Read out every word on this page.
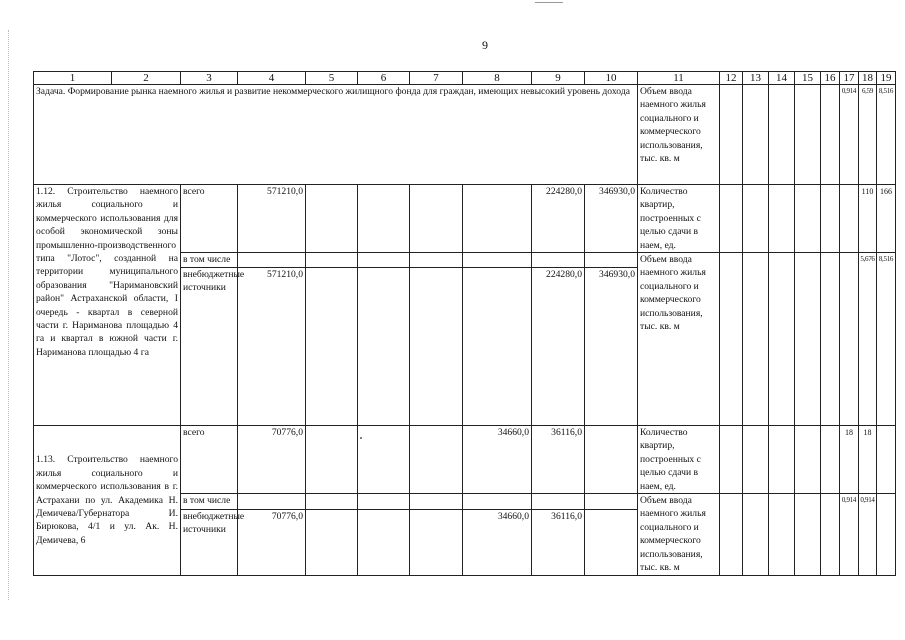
9
1	2	3	4	5	6	7	8	9	10	11	12	13	14	15	16	17	18	19
Задача. Формирование рынка наемного жилья и развитие некоммерческого жилищного фонда для граждан, имеющих невысокий уровень дохода										Объем ввода наемного жилья социального и коммерческого использования, тыс. кв. м						0,914	6,59	8,516
1.12. Строительство наемного жилья социального и коммерческого использования для особой экономической зоны промышленно-производственного типа "Лотос", созданной на территории муниципального образования "Наримановский район" Астраханской области, I очередь - квартал в северной части г. Нариманова площадью 4 га и квартал в южной части г. Нариманова площадью 4 га		всего	571210,0					224280,0	346930,0	Количество квартир, построенных с целью сдачи в наем, ед.							110	166
		в том числе								Объем ввода наемного жилья социального и коммерческого использования, тыс. кв. м							5,676	8,516
		внебюджетные источники	571210,0					224280,0	346930,0									
1.13. Строительство наемного жилья социального и коммерческого использования в г. Астрахани по ул. Академика Н. Демичева/Губернатора И. Бирюкова, 4/1 и ул. Ак. Н. Демичева, 6		всего	70776,0				34660,0	36116,0		Количество квартир, построенных с целью сдачи в наем, ед.						18	18	
		в том числе								Объем ввода наемного жилья социального и коммерческого использования, тыс. кв. м						0,914	0,914	
		внебюджетные источники	70776,0				34660,0	36116,0										
